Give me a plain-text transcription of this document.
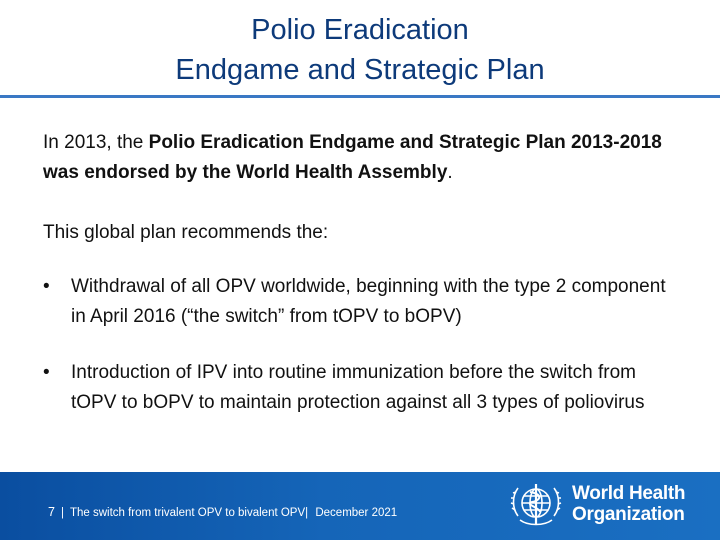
Polio Eradication
Endgame and Strategic Plan

In 2013, the Polio Eradication Endgame and Strategic Plan 2013-2018 was endorsed by the World Health Assembly.

This global plan recommends the:

• Withdrawal of all OPV worldwide, beginning with the type 2 component in April 2016 (“the switch” from tOPV to bOPV)
• Introduction of IPV into routine immunization before the switch from tOPV to bOPV to maintain protection against all 3 types of poliovirus
7 | The switch from trivalent OPV to bivalent OPV| December 2021
World Health
Organization
